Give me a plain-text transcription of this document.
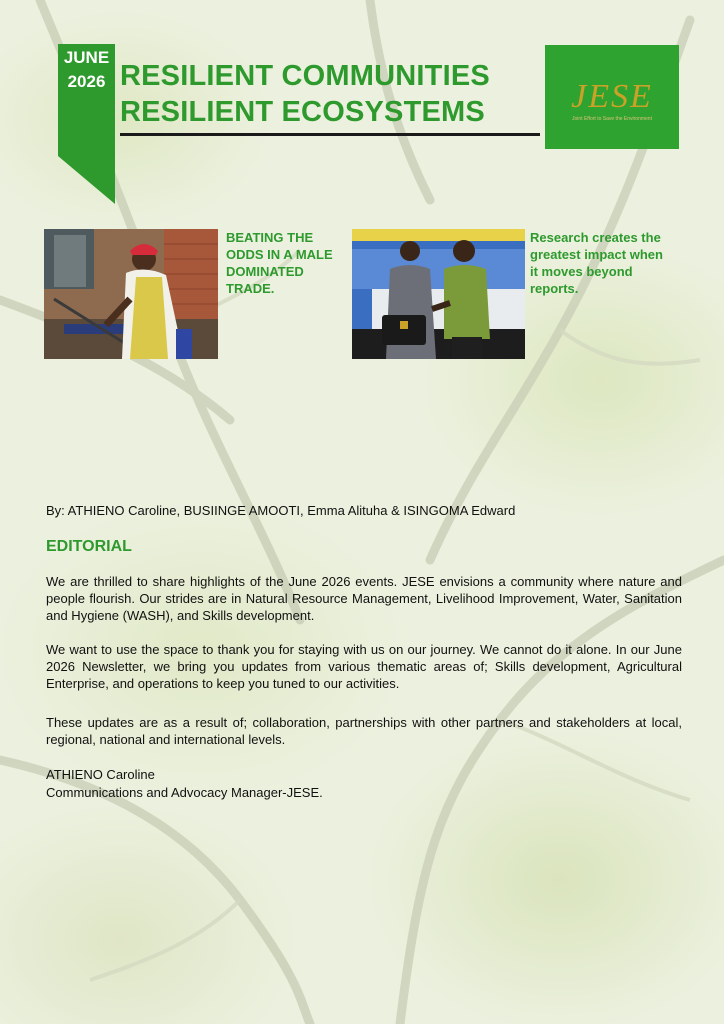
JUNE
2026 RESILIENT COMMUNITIES
RESILIENT ECOSYSTEMS	JESE
Joint Effort to Save the Environment
BEATING THE
ODDS IN A MALE
DOMINATED
TRADE.
Research creates the
greatest impact when
it moves beyond
reports.
By: ATHIENO Caroline, BUSIINGE AMOOTI, Emma Alituha & ISINGOMA Edward
EDITORIAL
We are thrilled to share highlights of the June 2026 events. JESE envisions a community where nature and people flourish. Our strides are in Natural Resource Management, Livelihood Improvement, Water, Sanitation and Hygiene (WASH), and Skills development.
We want to use the space to thank you for staying with us on our journey. We cannot do it alone. In our June 2026 Newsletter, we bring you updates from various thematic areas of; Skills development, Agricultural Enterprise, and operations to keep you tuned to our activities.
These updates are as a result of; collaboration, partnerships with other partners and stakeholders at local, regional, national and international levels.
ATHIENO Caroline
Communications and Advocacy Manager-JESE.
